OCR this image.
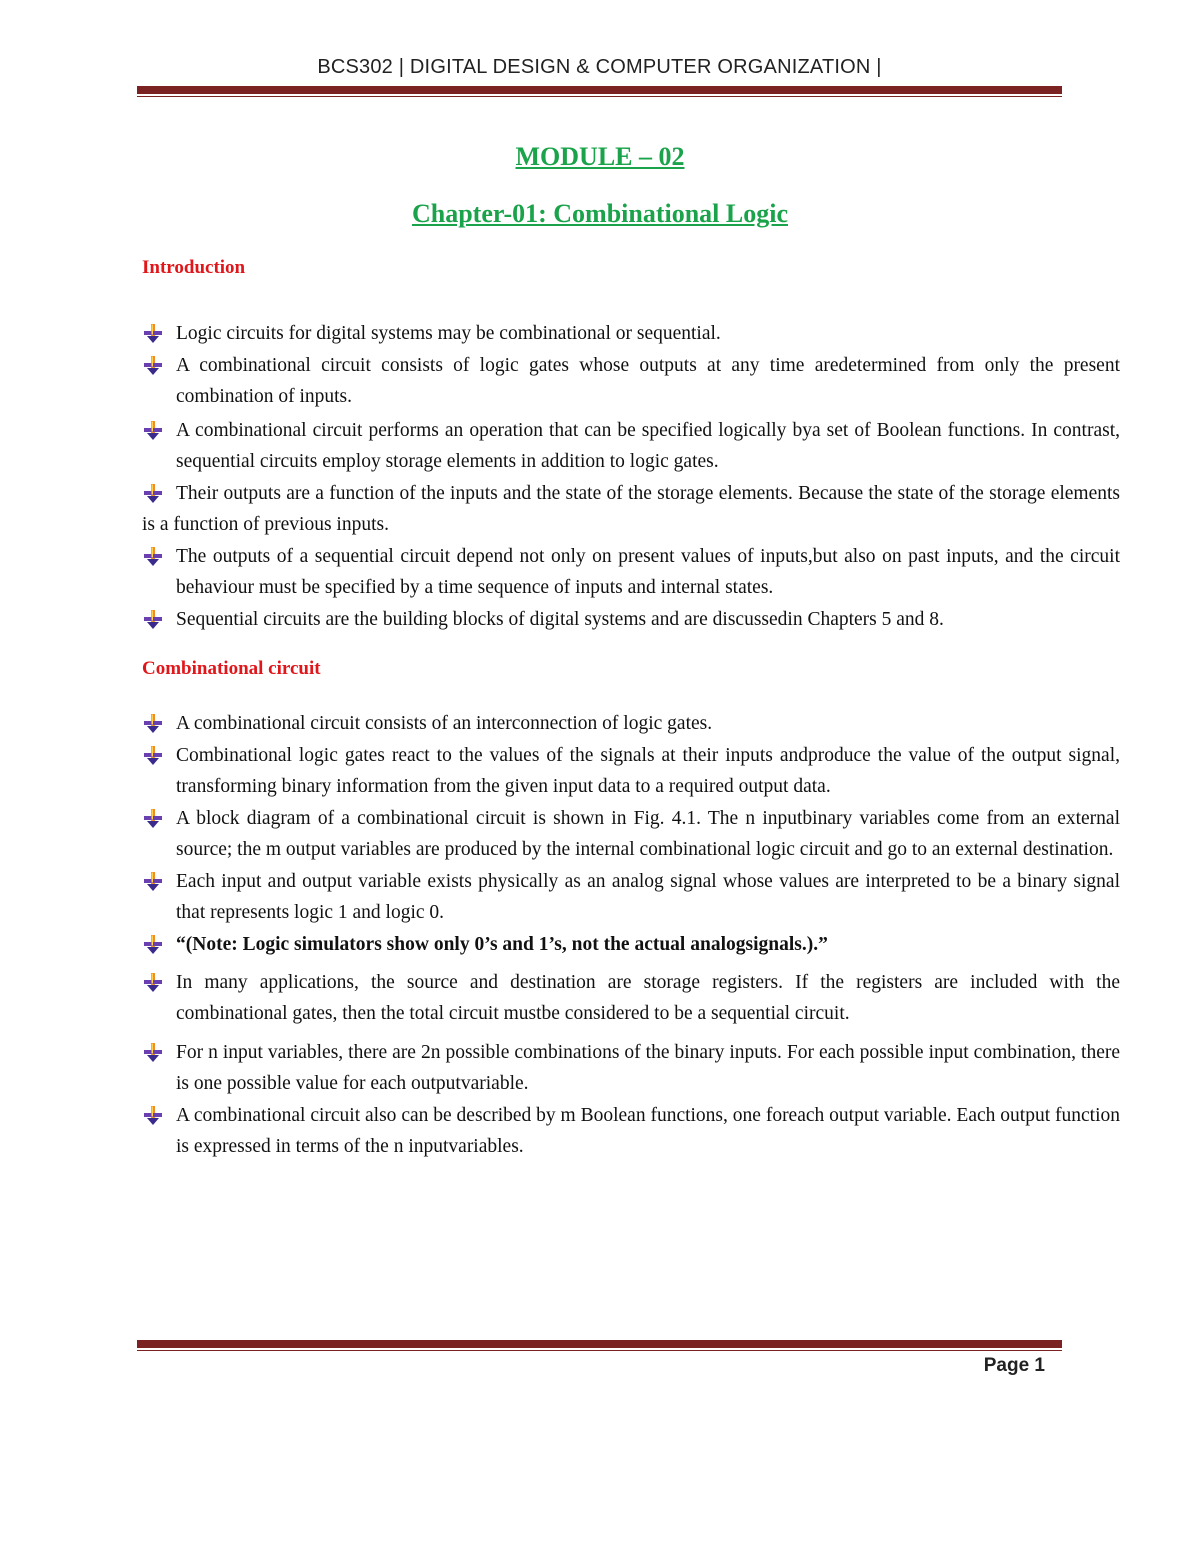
BCS302 | DIGITAL DESIGN & COMPUTER ORGANIZATION |
MODULE – 02
Chapter-01: Combinational Logic
Introduction
Logic circuits for digital systems may be combinational or sequential.
A combinational circuit consists of logic gates whose outputs at any time aredetermined from only the present combination of inputs.
A combinational circuit performs an operation that can be specified logically bya set of Boolean functions. In contrast, sequential circuits employ storage elements in addition to logic gates.
Their outputs are a function of the inputs and the state of the storage elements. Because the state of the storage elements is a function of previous inputs.
The outputs of a sequential circuit depend not only on present values of inputs,but also on past inputs, and the circuit behaviour must be specified by a time sequence of inputs and internal states.
Sequential circuits are the building blocks of digital systems and are discussedin Chapters 5 and 8.
Combinational circuit
A combinational circuit consists of an interconnection of logic gates.
Combinational logic gates react to the values of the signals at their inputs andproduce the value of the output signal, transforming binary information from the given input data to a required output data.
A block diagram of a combinational circuit is shown in Fig. 4.1. The n inputbinary variables come from an external source; the m output variables are produced by the internal combinational logic circuit and go to an external destination.
Each input and output variable exists physically as an analog signal whose values are interpreted to be a binary signal that represents logic 1 and logic 0.
“(Note: Logic simulators show only 0’s and 1’s, not the actual analogsignals.).”
In many applications, the source and destination are storage registers. If the registers are included with the combinational gates, then the total circuit mustbe considered to be a sequential circuit.
For n input variables, there are 2n possible combinations of the binary inputs. For each possible input combination, there is one possible value for each outputvariable.
A combinational circuit also can be described by m Boolean functions, one foreach output variable. Each output function is expressed in terms of the n inputvariables.
Page 1
